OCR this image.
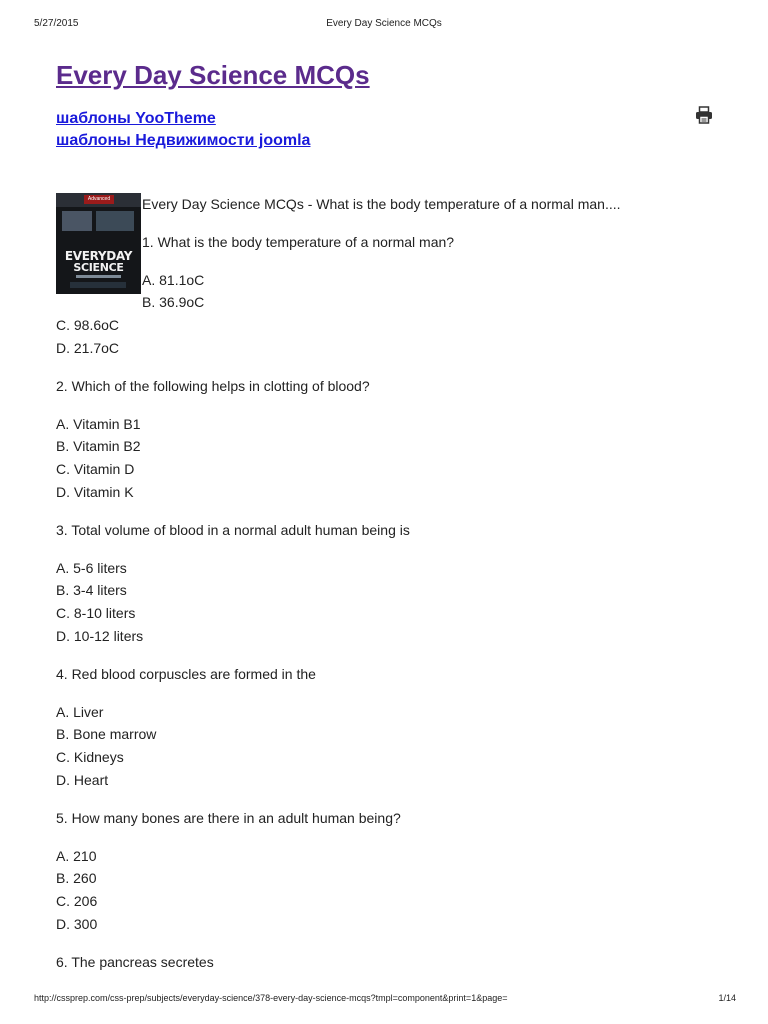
5/27/2015	Every Day Science MCQs
Every Day Science MCQs
шаблоны YooTheme
шаблоны Недвижимости joomla
Advanced
EVERYDAY
SCIENCE

Every Day Science MCQs - What is the body temperature of a normal man....

1. What is the body temperature of a normal man?

A. 81.1oC

B. 36.9oC

C. 98.6oC

D. 21.7oC

2. Which of the following helps in clotting of blood?

A. Vitamin B1

B. Vitamin B2

C. Vitamin D

D. Vitamin K

3. Total volume of blood in a normal adult human being is

A. 5-6 liters

B. 3-4 liters

C. 8-10 liters

D. 10-12 liters

4. Red blood corpuscles are formed in the

A. Liver

B. Bone marrow

C. Kidneys

D. Heart

5. How many bones are there in an adult human being?

A. 210

B. 260

C. 206

D. 300

6. The pancreas secretes

http://cssprep.com/css-prep/subjects/everyday-science/378-every-day-science-mcqs?tmpl=component&print=1&page=	1/14
